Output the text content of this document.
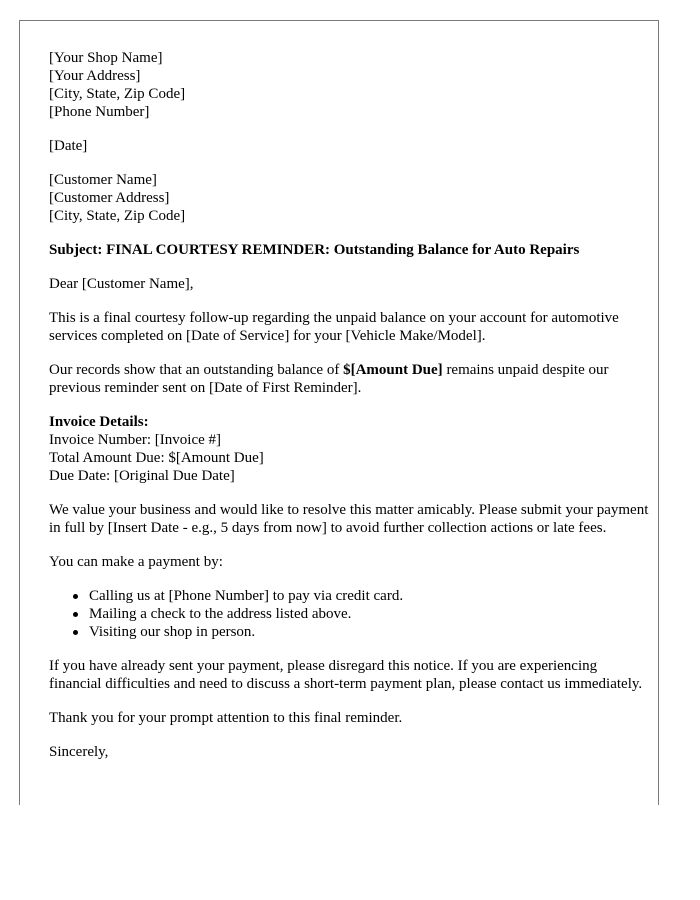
[Your Shop Name]
[Your Address]
[City, State, Zip Code]
[Phone Number]
[Date]
[Customer Name]
[Customer Address]
[City, State, Zip Code]
Subject: FINAL COURTESY REMINDER: Outstanding Balance for Auto Repairs
Dear [Customer Name],
This is a final courtesy follow-up regarding the unpaid balance on your account for automotive services completed on [Date of Service] for your [Vehicle Make/Model].
Our records show that an outstanding balance of $[Amount Due] remains unpaid despite our previous reminder sent on [Date of First Reminder].
Invoice Details:
Invoice Number: [Invoice #]
Total Amount Due: $[Amount Due]
Due Date: [Original Due Date]
We value your business and would like to resolve this matter amicably. Please submit your payment in full by [Insert Date - e.g., 5 days from now] to avoid further collection actions or late fees.
You can make a payment by:
Calling us at [Phone Number] to pay via credit card.
Mailing a check to the address listed above.
Visiting our shop in person.
If you have already sent your payment, please disregard this notice. If you are experiencing financial difficulties and need to discuss a short-term payment plan, please contact us immediately.
Thank you for your prompt attention to this final reminder.
Sincerely,
